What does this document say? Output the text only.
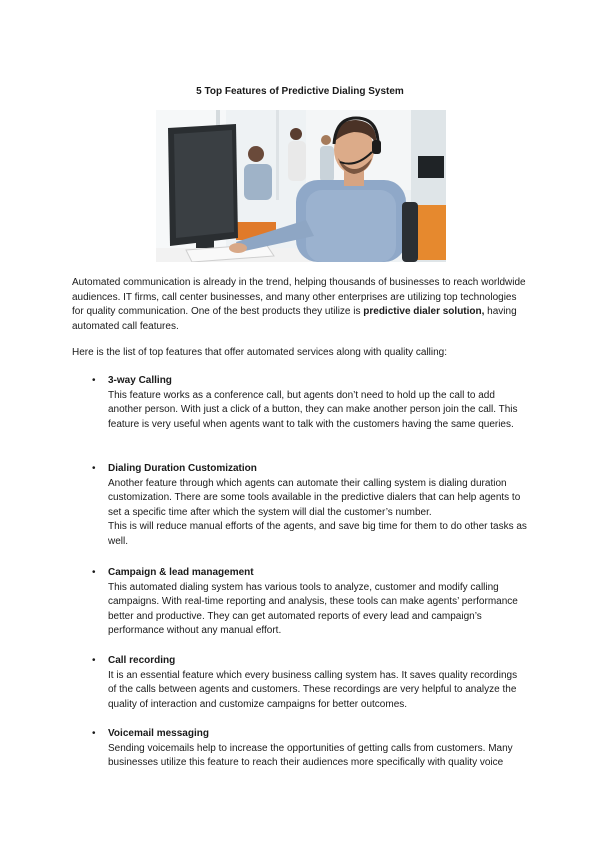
5 Top Features of Predictive Dialing System
Automated communication is already in the trend, helping thousands of businesses to reach worldwide audiences. IT firms, call center businesses, and many other enterprises are utilizing top technologies for quality communication. One of the best products they utilize is predictive dialer solution, having automated call features.
Here is the list of top features that offer automated services along with quality calling:
• 3-way Calling
This feature works as a conference call, but agents don’t need to hold up the call to add another person. With just a click of a button, they can make another person join the call. This feature is very useful when agents want to talk with the customers having the same queries.
• Dialing Duration Customization
Another feature through which agents can automate their calling system is dialing duration customization. There are some tools available in the predictive dialers that can help agents to set a specific time after which the system will dial the customer’s number.
This is will reduce manual efforts of the agents, and save big time for them to do other tasks as well.
• Campaign & lead management
This automated dialing system has various tools to analyze, customer and modify calling campaigns. With real-time reporting and analysis, these tools can make agents’ performance better and productive. They can get automated reports of every lead and campaign’s performance without any manual effort.
• Call recording
It is an essential feature which every business calling system has. It saves quality recordings of the calls between agents and customers. These recordings are very helpful to analyze the quality of interaction and customize campaigns for better outcomes.
• Voicemail messaging
Sending voicemails help to increase the opportunities of getting calls from customers. Many businesses utilize this feature to reach their audiences more specifically with quality voice
